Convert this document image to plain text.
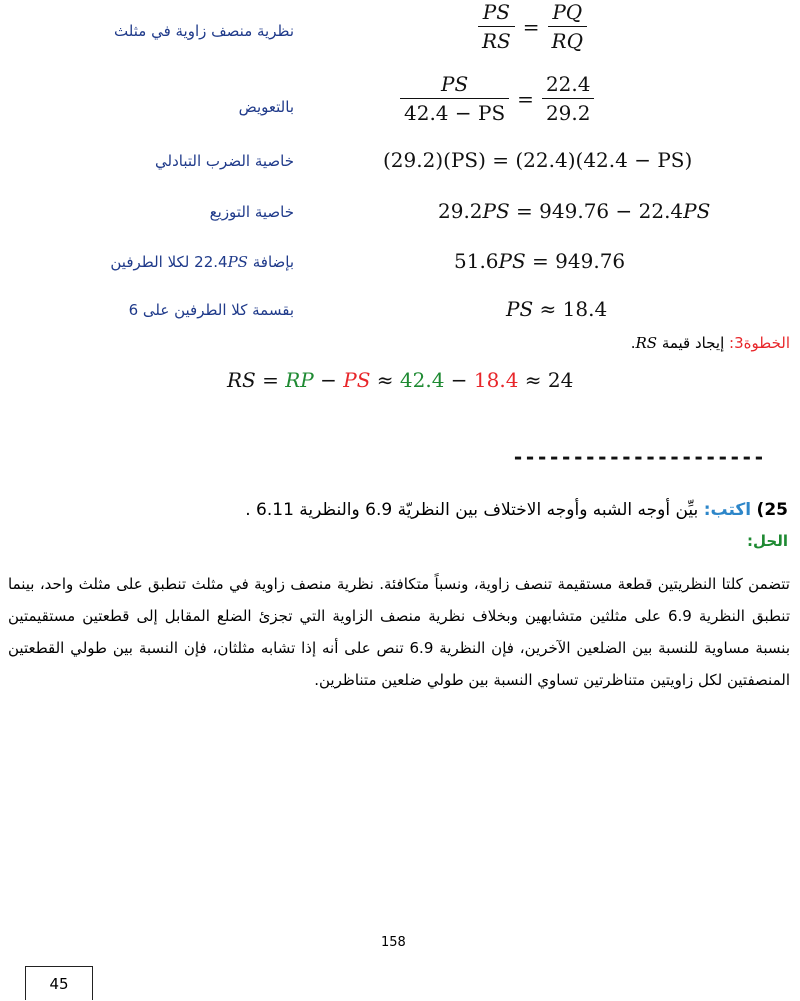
نظرية منصف زاوية في مثلث	$\frac{PS}{RS} = \frac{PQ}{RQ}$
بالتعويض	$\frac{PS}{42.4 - PS} = \frac{22.4}{29.2}$
خاصية الضرب التبادلي	(29.2)(PS) = (22.4)(42.4 − PS)
خاصية التوزيع	29.2PS = 949.76 − 22.4PS
بإضافة 22.4PS لكلا الطرفين	51.6PS = 949.76
بقسمة كلا الطرفين على 6	PS ≈ 18.4
الخطوة3: إيجاد قيمة RS.
RS = RP − PS ≈ 42.4 − 18.4 ≈ 24
---------------------
25) اكتب: بيِّن أوجه الشبه وأوجه الاختلاف بين النظريّة 6.9 والنظرية 6.11 .
الحل:
تتضمن كلتا النظريتين قطعة مستقيمة تنصف زاوية، ونسباً متكافئة. نظرية منصف زاوية في مثلث تنطبق على مثلث واحد، بينما تنطبق النظرية 6.9 على مثلثين متشابهين وبخلاف نظرية منصف الزاوية التي تجزئ الضلع المقابل إلى قطعتين مستقيمتين بنسبة مساوية للنسبة بين الضلعين الآخرين، فإن النظرية 6.9 تنص على أنه إذا تشابه مثلثان، فإن النسبة بين طولي القطعتين المنصفتين لكل زاويتين متناظرتين تساوي النسبة بين طولي ضلعين متناظرين.
158
45
